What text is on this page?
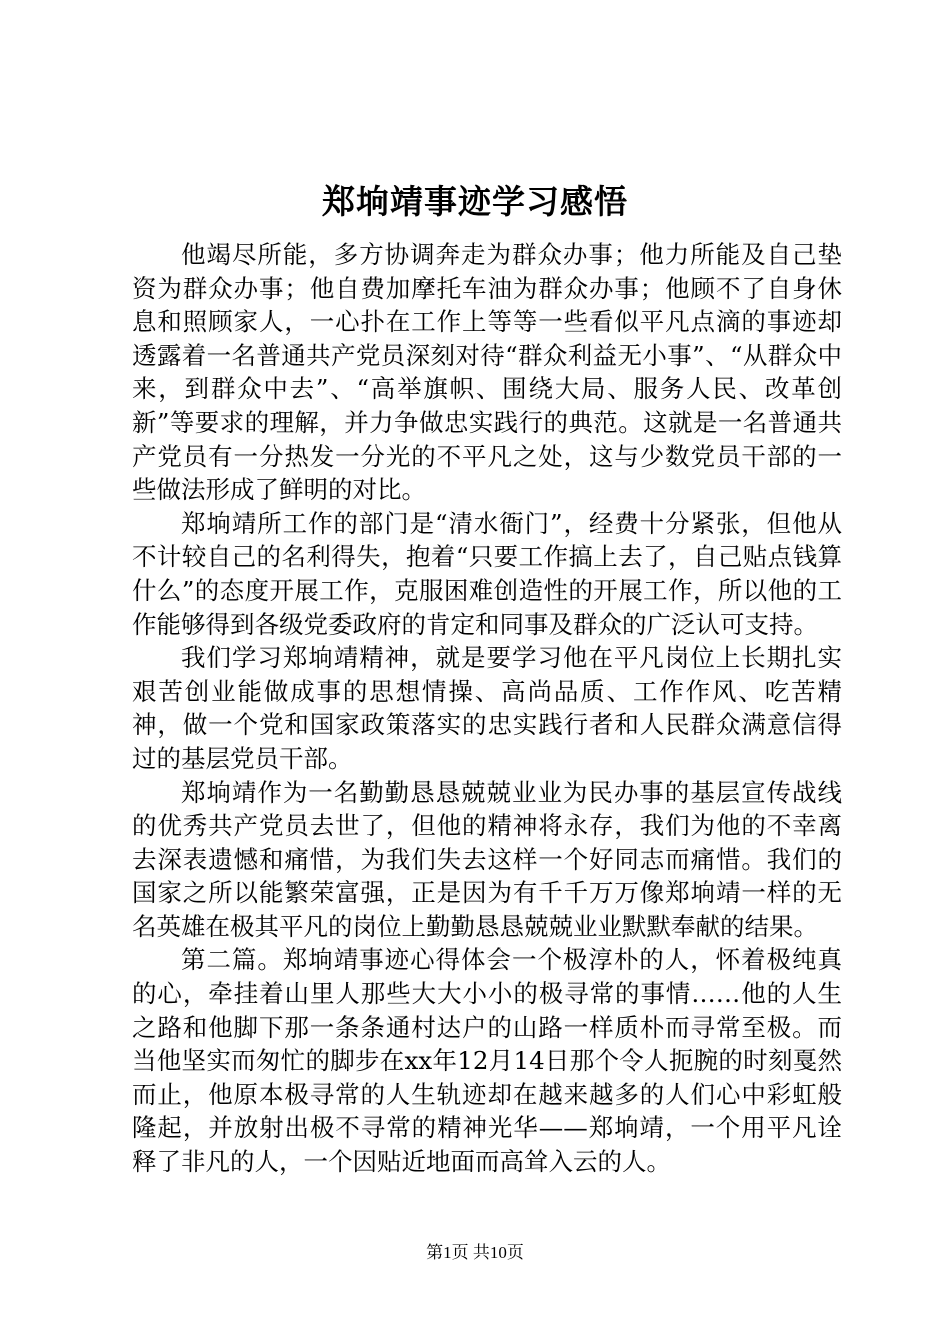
郑垧靖事迹学习感悟

他竭尽所能，多方协调奔走为群众办事；他力所能及自己垫资为群众办事；他自费加摩托车油为群众办事；他顾不了自身休息和照顾家人，一心扑在工作上等等一些看似平凡点滴的事迹却透露着一名普通共产党员深刻对待“群众利益无小事”、“从群众中来，到群众中去”、“高举旗帜、围绕大局、服务人民、改革创新”等要求的理解，并力争做忠实践行的典范。这就是一名普通共产党员有一分热发一分光的不平凡之处，这与少数党员干部的一些做法形成了鲜明的对比。

郑垧靖所工作的部门是“清水衙门”，经费十分紧张，但他从不计较自己的名利得失，抱着“只要工作搞上去了，自己贴点钱算什么”的态度开展工作，克服困难创造性的开展工作，所以他的工作能够得到各级党委政府的肯定和同事及群众的广泛认可支持。

我们学习郑垧靖精神，就是要学习他在平凡岗位上长期扎实艰苦创业能做成事的思想情操、高尚品质、工作作风、吃苦精神，做一个党和国家政策落实的忠实践行者和人民群众满意信得过的基层党员干部。

郑垧靖作为一名勤勤恳恳兢兢业业为民办事的基层宣传战线的优秀共产党员去世了，但他的精神将永存，我们为他的不幸离去深表遗憾和痛惜，为我们失去这样一个好同志而痛惜。我们的国家之所以能繁荣富强，正是因为有千千万万像郑垧靖一样的无名英雄在极其平凡的岗位上勤勤恳恳兢兢业业默默奉献的结果。

第二篇。郑垧靖事迹心得体会一个极淳朴的人，怀着极纯真的心，牵挂着山里人那些大大小小的极寻常的事情……他的人生之路和他脚下那一条条通村达户的山路一样质朴而寻常至极。而当他坚实而匆忙的脚步在xx年12月14日那个令人扼腕的时刻戛然而止，他原本极寻常的人生轨迹却在越来越多的人们心中彩虹般隆起，并放射出极不寻常的精神光华——郑垧靖，一个用平凡诠释了非凡的人，一个因贴近地面而高耸入云的人。

第1页 共10页
